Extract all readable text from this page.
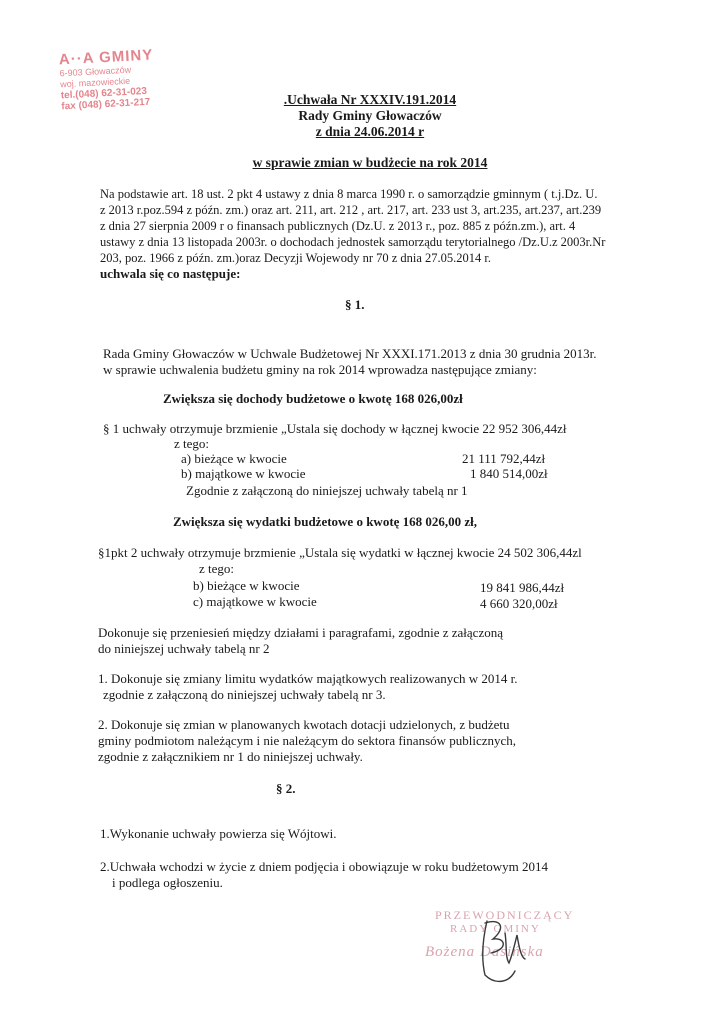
A··A GMINY
6-903 Głowaczów
woj. mazowieckie
tel.(048) 62-31-023
fax (048) 62-31-217	.Uchwała Nr XXXIV.191.2014
Rady Gminy Głowaczów
z dnia 24.06.2014 r
w sprawie zmian w budżecie na rok 2014
Na podstawie art. 18 ust. 2 pkt 4 ustawy z dnia 8 marca 1990 r. o samorządzie gminnym ( t.j.Dz. U.
z 2013 r.poz.594 z późn. zm.) oraz art. 211, art. 212 , art. 217, art. 233 ust 3, art.235, art.237, art.239
z dnia 27 sierpnia 2009 r o finansach publicznych (Dz.U. z 2013 r., poz. 885 z późn.zm.), art. 4
ustawy z dnia 13 listopada 2003r. o dochodach jednostek samorządu terytorialnego /Dz.U.z 2003r.Nr
203, poz. 1966 z późn. zm.)oraz Decyzji Wojewody nr 70 z dnia 27.05.2014 r.
uchwala się co następuje:
§ 1.
Rada Gminy Głowaczów w Uchwale Budżetowej Nr XXXI.171.2013 z dnia 30 grudnia 2013r.
w sprawie uchwalenia budżetu gminy na rok 2014 wprowadza następujące zmiany:
Zwiększa się dochody budżetowe o kwotę 168 026,00zł
§ 1 uchwały otrzymuje brzmienie „Ustala się dochody w łącznej kwocie 22 952 306,44zł
z tego:
a) bieżące w kwocie	21 111 792,44zł
b) majątkowe w kwocie	1 840 514,00zł
Zgodnie z załączoną do niniejszej uchwały tabelą nr 1
Zwiększa się wydatki budżetowe o kwotę 168 026,00 zł,
§1pkt 2 uchwały otrzymuje brzmienie „Ustala się wydatki w łącznej kwocie 24 502 306,44zl
z tego:
b) bieżące w kwocie	19 841 986,44zł
c) majątkowe w kwocie	4 660 320,00zł
Dokonuje się przeniesień między działami i paragrafami, zgodnie z załączoną
do niniejszej uchwały tabelą nr 2
1. Dokonuje się zmiany limitu wydatków majątkowych realizowanych w 2014 r.
zgodnie z załączoną do niniejszej uchwały tabelą nr 3.
2. Dokonuje się zmian w planowanych kwotach dotacji udzielonych, z budżetu
gminy podmiotom należącym i nie należącym do sektora finansów publicznych,
zgodnie z załącznikiem nr 1 do niniejszej uchwały.
§ 2.
1.Wykonanie uchwały powierza się Wójtowi.
2.Uchwała wchodzi w życie z dniem podjęcia i obowiązuje w roku budżetowym 2014
i podlega ogłoszeniu.
PRZEWODNICZĄCY
RADY GMINY
Bożena Dasińska
